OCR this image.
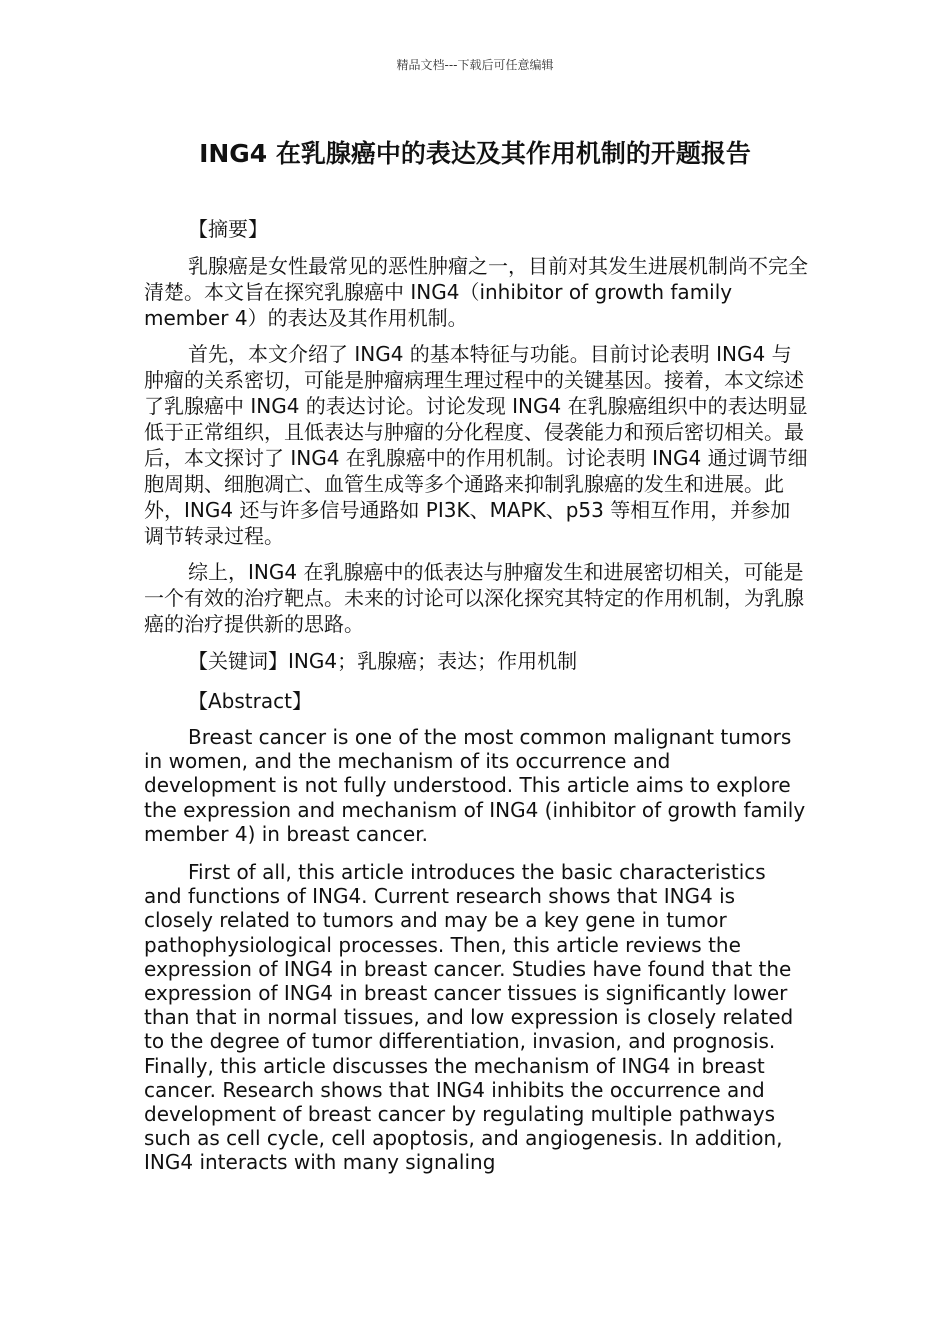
精品文档---下载后可任意编辑
ING4 在乳腺癌中的表达及其作用机制的开题报告

【摘要】

乳腺癌是女性最常见的恶性肿瘤之一，目前对其发生进展机制尚不完全清楚。本文旨在探究乳腺癌中 ING4（inhibitor of growth family member 4）的表达及其作用机制。

首先，本文介绍了 ING4 的基本特征与功能。目前讨论表明 ING4 与肿瘤的关系密切，可能是肿瘤病理生理过程中的关键基因。接着，本文综述了乳腺癌中 ING4 的表达讨论。讨论发现 ING4 在乳腺癌组织中的表达明显低于正常组织，且低表达与肿瘤的分化程度、侵袭能力和预后密切相关。最后，本文探讨了 ING4 在乳腺癌中的作用机制。讨论表明 ING4 通过调节细胞周期、细胞凋亡、血管生成等多个通路来抑制乳腺癌的发生和进展。此外，ING4 还与许多信号通路如 PI3K、MAPK、p53 等相互作用，并参加调节转录过程。

综上，ING4 在乳腺癌中的低表达与肿瘤发生和进展密切相关，可能是一个有效的治疗靶点。未来的讨论可以深化探究其特定的作用机制，为乳腺癌的治疗提供新的思路。

【关键词】ING4；乳腺癌；表达；作用机制

【Abstract】

Breast cancer is one of the most common malignant tumors in women, and the mechanism of its occurrence and development is not fully understood. This article aims to explore the expression and mechanism of ING4 (inhibitor of growth family member 4) in breast cancer.

First of all, this article introduces the basic characteristics and functions of ING4. Current research shows that ING4 is closely related to tumors and may be a key gene in tumor pathophysiological processes. Then, this article reviews the expression of ING4 in breast cancer. Studies have found that the expression of ING4 in breast cancer tissues is significantly lower than that in normal tissues, and low expression is closely related to the degree of tumor differentiation, invasion, and prognosis. Finally, this article discusses the mechanism of ING4 in breast cancer. Research shows that ING4 inhibits the occurrence and development of breast cancer by regulating multiple pathways such as cell cycle, cell apoptosis, and angiogenesis. In addition, ING4 interacts with many signaling
